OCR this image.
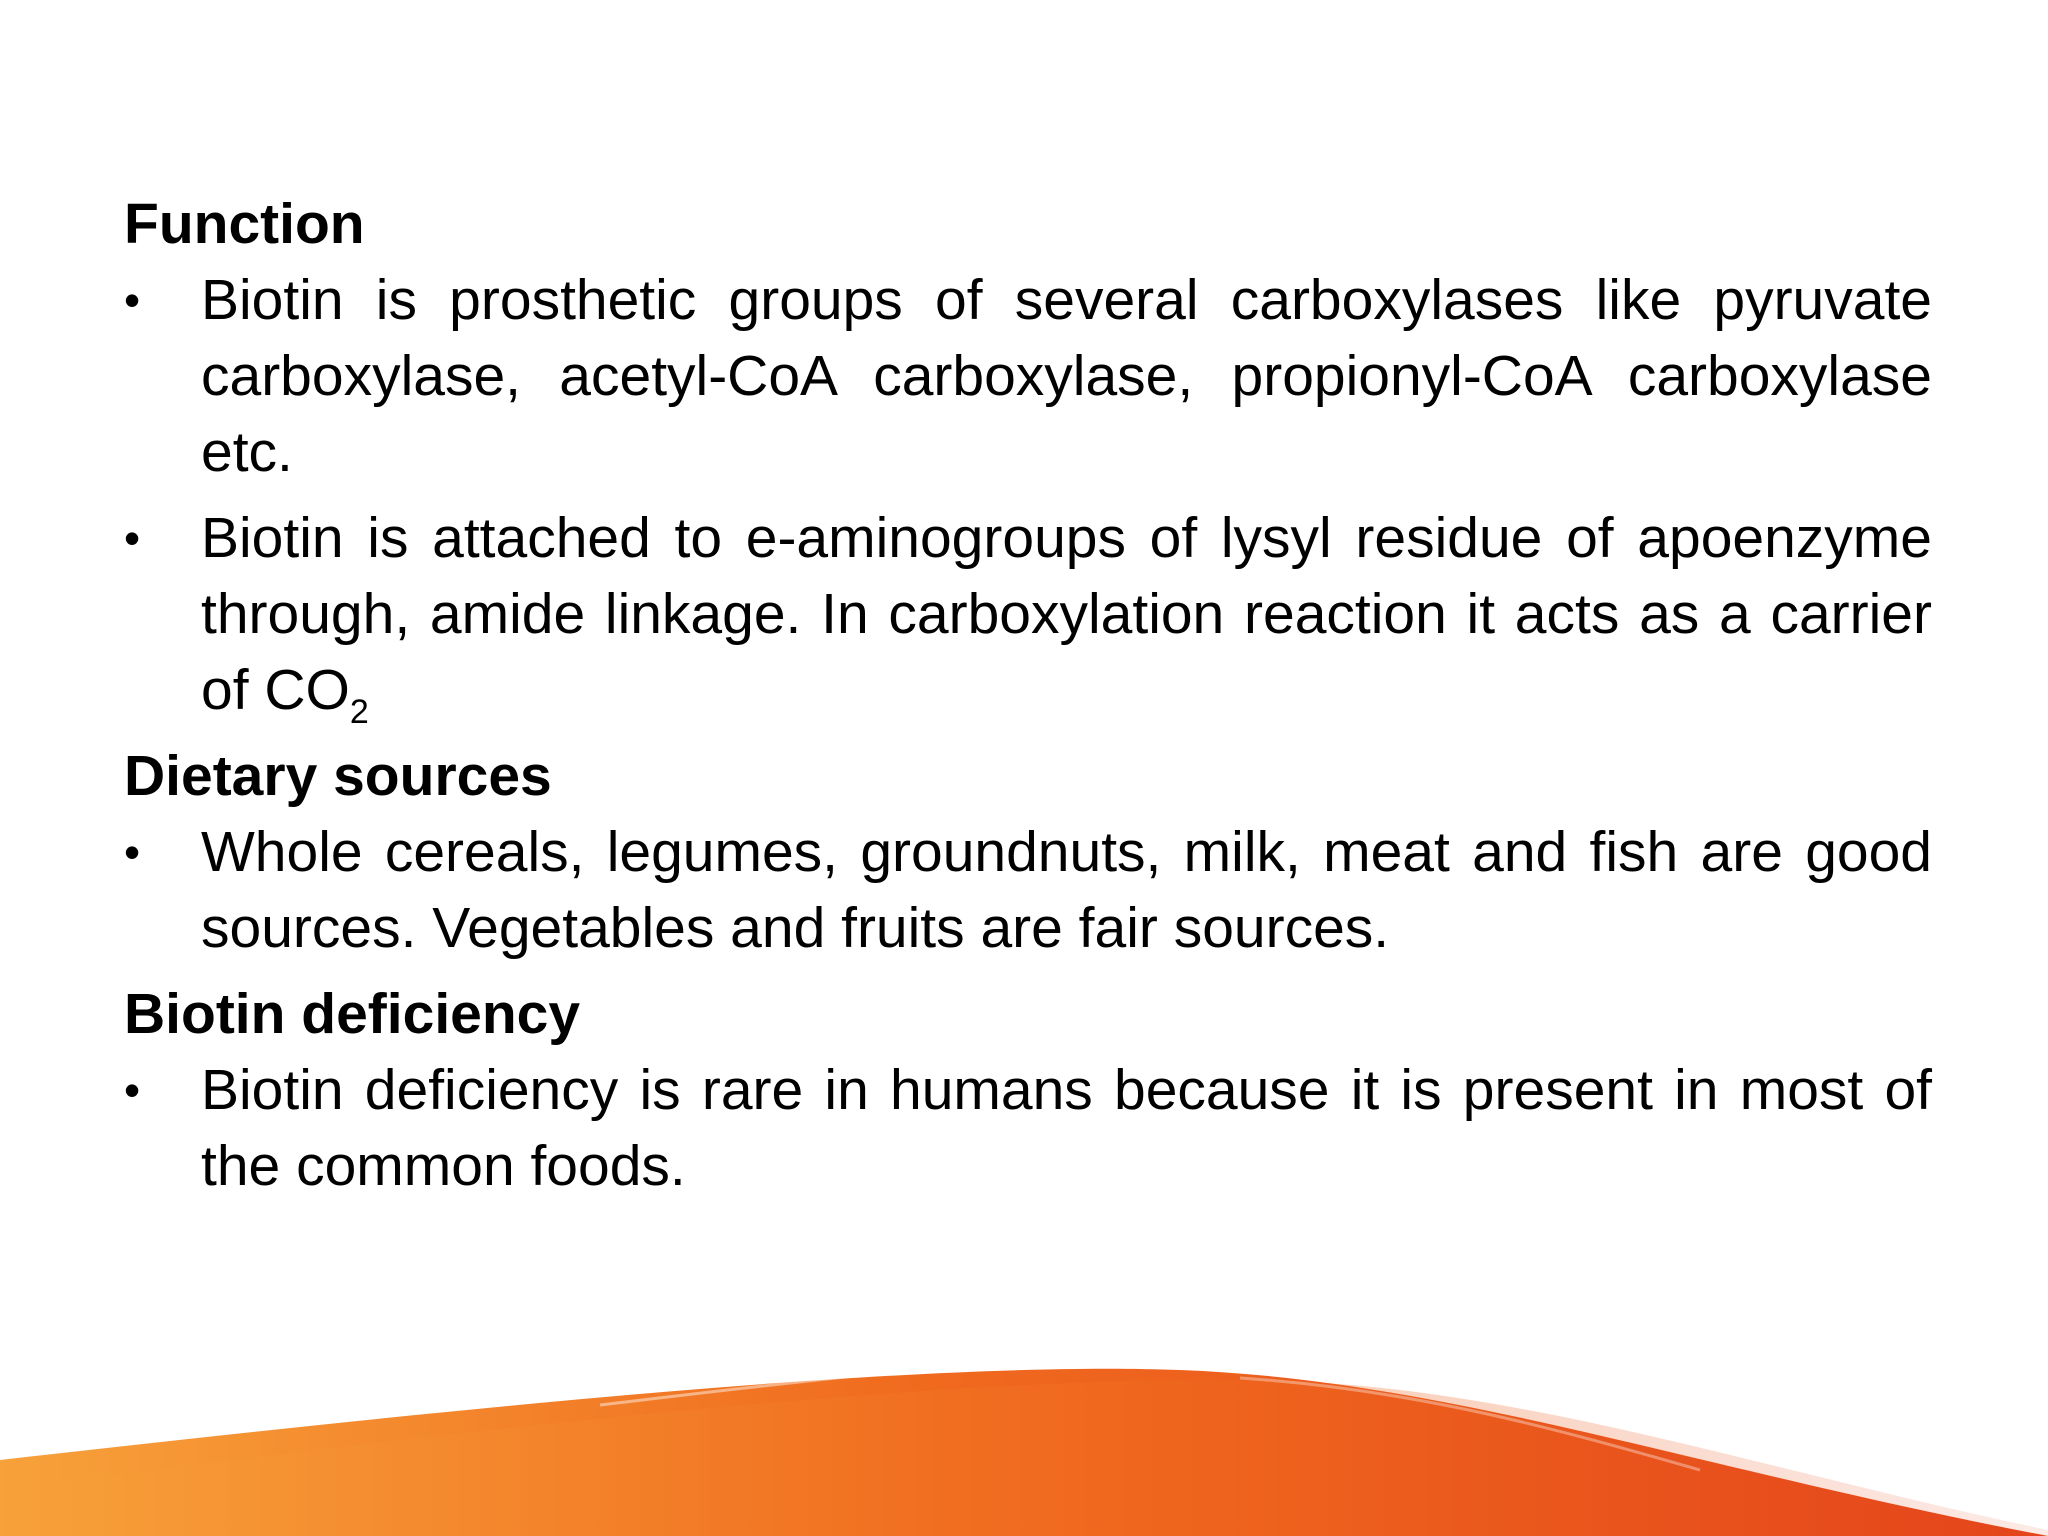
Function
•	Biotin is prosthetic groups of several carboxylases like pyruvate carboxylase, acetyl-CoA carboxylase, propionyl-CoA carboxylase etc.
•	Biotin is attached to e-aminogroups of lysyl residue of apoenzyme through, amide linkage. In carboxylation reaction it acts as a carrier of $CO_2$
Dietary sources
•	Whole cereals, legumes, groundnuts, milk, meat and fish are good sources. Vegetables and fruits are fair sources.
Biotin deficiency
•	Biotin deficiency is rare in humans because it is present in most of the common foods.
